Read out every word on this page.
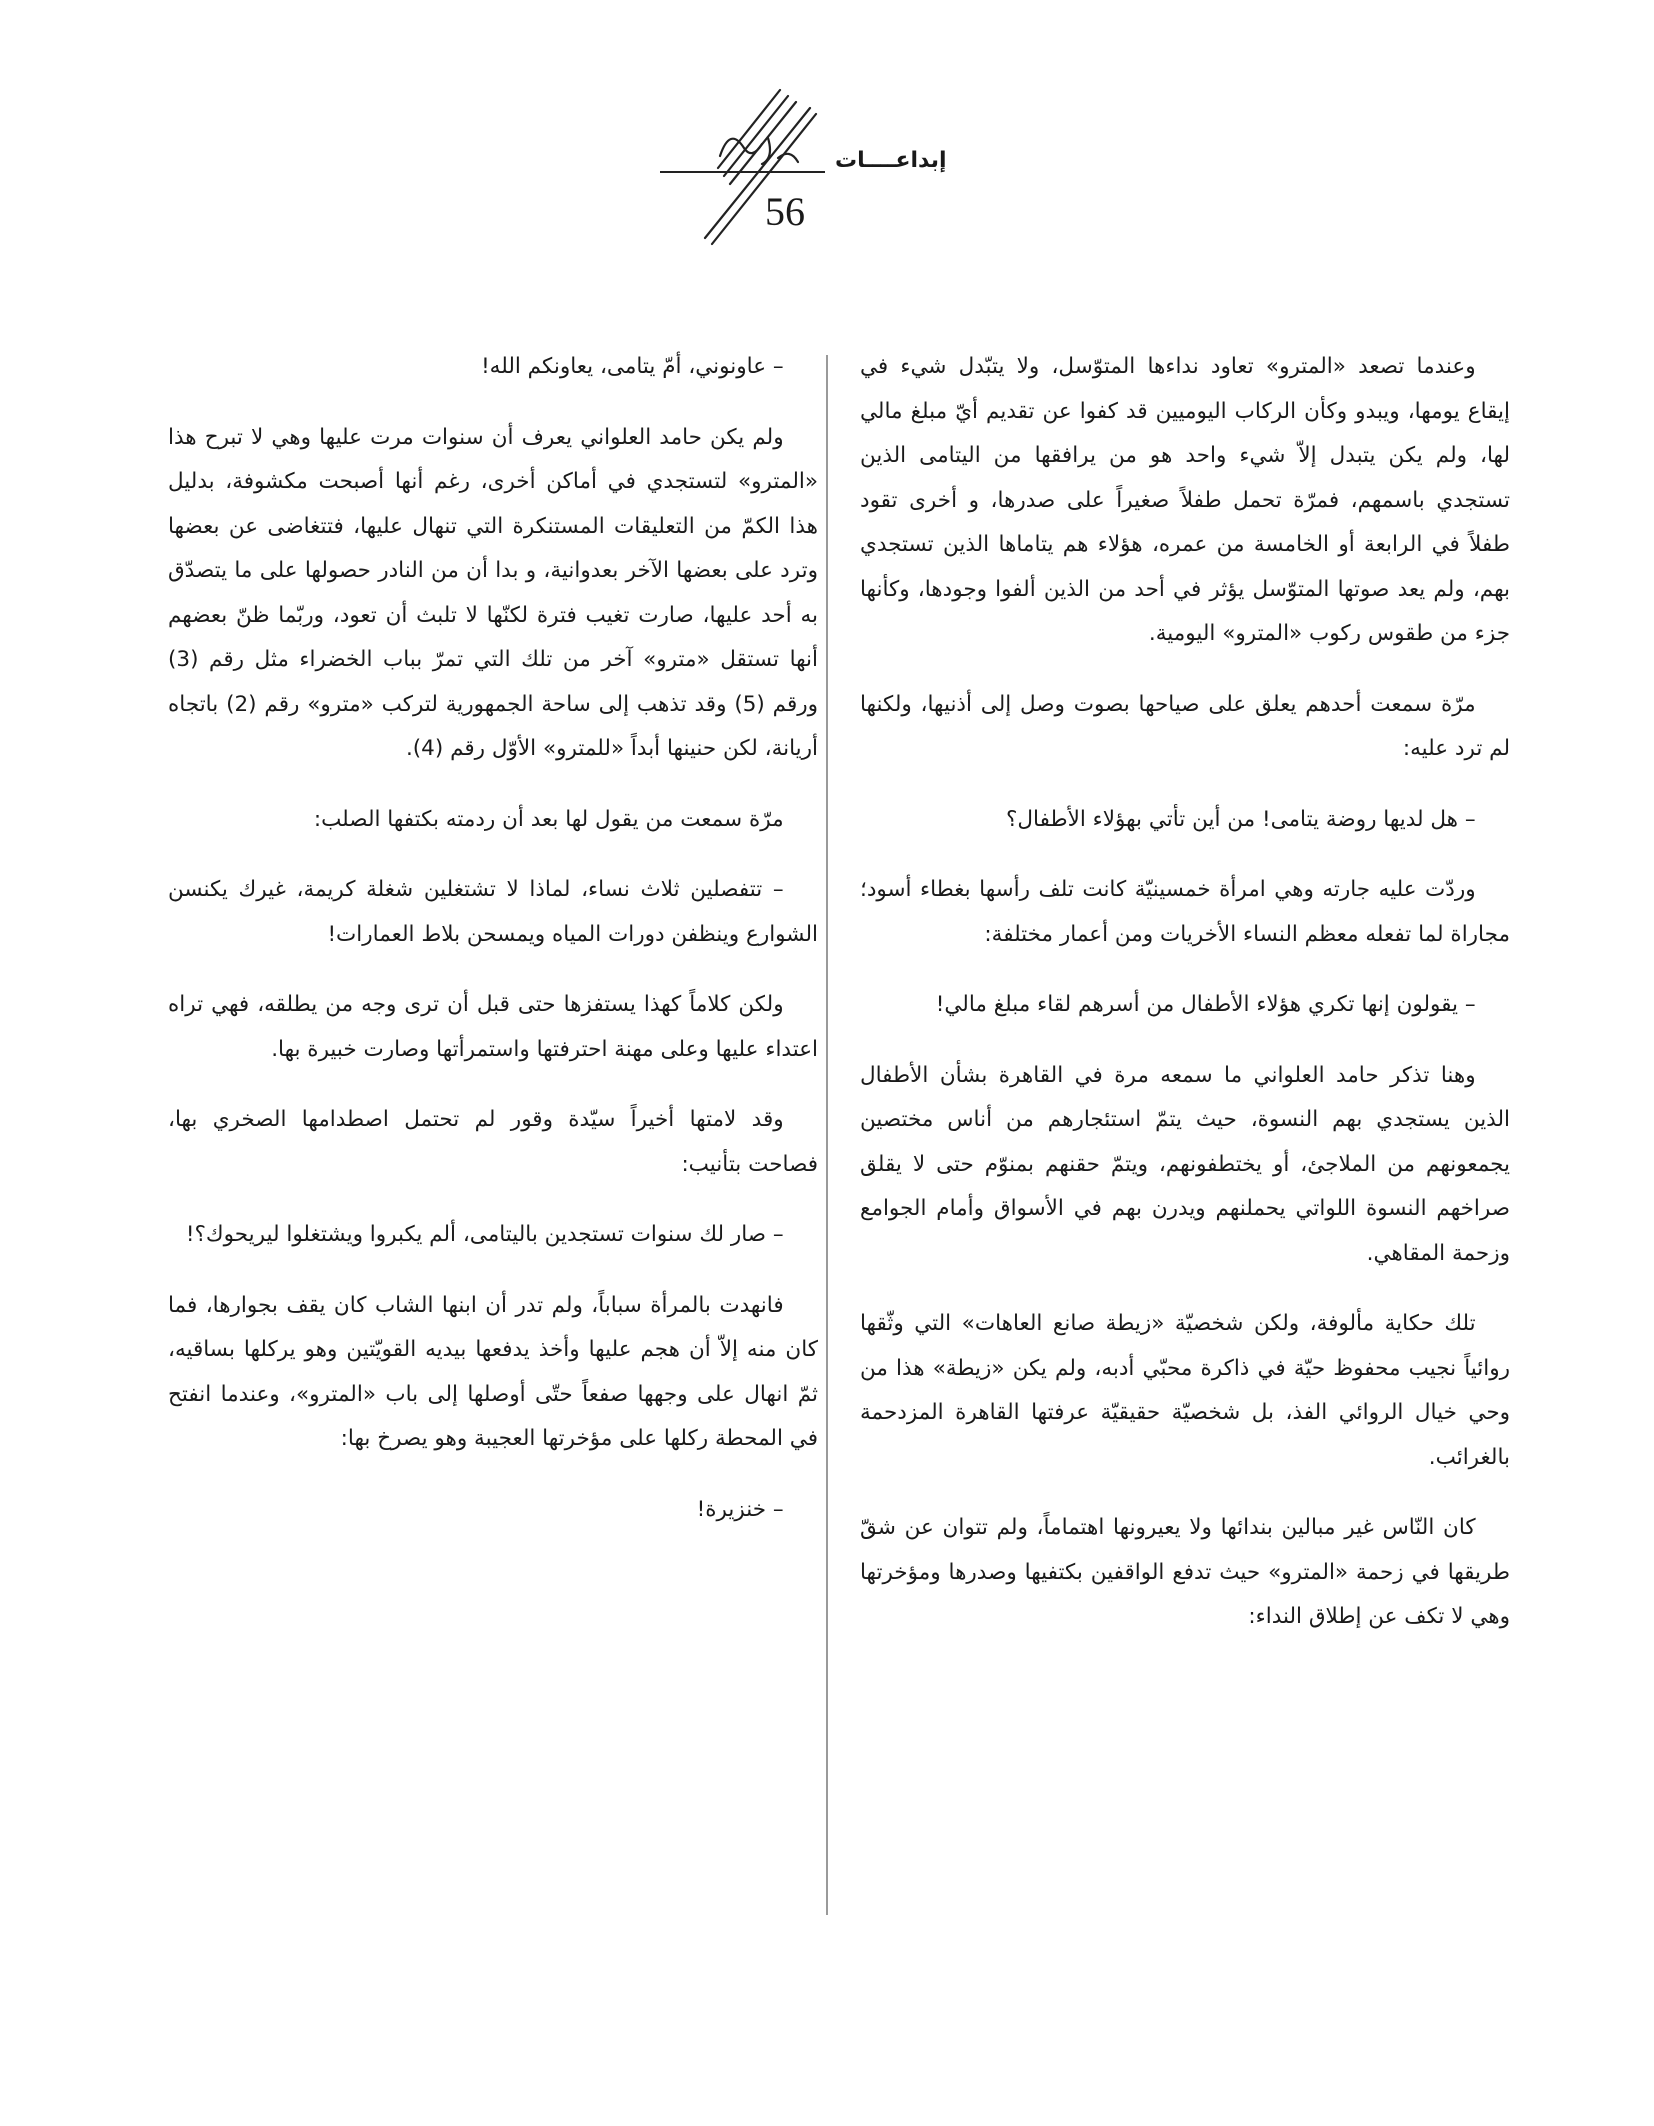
إبداعــــات
56

وعندما تصعد «المترو» تعاود نداءها المتوّسل، ولا يتبّدل شيء في إيقاع يومها، ويبدو وكأن الركاب اليوميين قد كفوا عن تقديم أيّ مبلغ مالي لها، ولم يكن يتبدل إلاّ شيء واحد هو من يرافقها من اليتامى الذين تستجدي باسمهم، فمرّة تحمل طفلاً صغيراً على صدرها، و أخرى تقود طفلاً في الرابعة أو الخامسة من عمره، هؤلاء هم يتاماها الذين تستجدي بهم، ولم يعد صوتها المتوّسل يؤثر في أحد من الذين ألفوا وجودها، وكأنها جزء من طقوس ركوب «المترو» اليومية.

مرّة سمعت أحدهم يعلق على صياحها بصوت وصل إلى أذنيها، ولكنها لم ترد عليه:

– هل لديها روضة يتامى! من أين تأتي بهؤلاء الأطفال؟

وردّت عليه جارته وهي امرأة خمسينيّة كانت تلف رأسها بغطاء أسود؛ مجاراة لما تفعله معظم النساء الأخريات ومن أعمار مختلفة:

– يقولون إنها تكري هؤلاء الأطفال من أسرهم لقاء مبلغ مالي!

وهنا تذكر حامد العلواني ما سمعه مرة في القاهرة بشأن الأطفال الذين يستجدي بهم النسوة، حيث يتمّ استئجارهم من أناس مختصين يجمعونهم من الملاجئ، أو يختطفونهم، ويتمّ حقنهم بمنوّم حتى لا يقلق صراخهم النسوة اللواتي يحملنهم ويدرن بهم في الأسواق وأمام الجوامع وزحمة المقاهي.

تلك حكاية مألوفة، ولكن شخصيّة «زيطة صانع العاهات» التي وثّقها روائياً نجيب محفوظ حيّة في ذاكرة محبّي أدبه، ولم يكن «زيطة» هذا من وحي خيال الروائي الفذ، بل شخصيّة حقيقيّة عرفتها القاهرة المزدحمة بالغرائب.

كان النّاس غير مبالين بندائها ولا يعيرونها اهتماماً، ولم تتوان عن شقّ طريقها في زحمة «المترو» حيث تدفع الواقفين بكتفيها وصدرها ومؤخرتها وهي لا تكف عن إطلاق النداء:

– عاونوني، أمّ يتامى، يعاونكم الله!

ولم يكن حامد العلواني يعرف أن سنوات مرت عليها وهي لا تبرح هذا «المترو» لتستجدي في أماكن أخرى، رغم أنها أصبحت مكشوفة، بدليل هذا الكمّ من التعليقات المستنكرة التي تنهال عليها، فتتغاضى عن بعضها وترد على بعضها الآخر بعدوانية، و بدا أن من النادر حصولها على ما يتصدّق به أحد عليها، صارت تغيب فترة لكنّها لا تلبث أن تعود، وربّما ظنّ بعضهم أنها تستقل «مترو» آخر من تلك التي تمرّ بباب الخضراء مثل رقم (3) ورقم (5) وقد تذهب إلى ساحة الجمهورية لتركب «مترو» رقم (2) باتجاه أريانة، لكن حنينها أبداً «للمترو» الأوّل رقم (4).

مرّة سمعت من يقول لها بعد أن ردمته بكتفها الصلب:

– تتفصلين ثلاث نساء، لماذا لا تشتغلين شغلة كريمة، غيرك يكنسن الشوارع وينظفن دورات المياه ويمسحن بلاط العمارات!

ولكن كلاماً كهذا يستفزها حتى قبل أن ترى وجه من يطلقه، فهي تراه اعتداء عليها وعلى مهنة احترفتها واستمرأتها وصارت خبيرة بها.

وقد لامتها أخيراً سيّدة وقور لم تحتمل اصطدامها الصخري بها، فصاحت بتأنيب:

– صار لك سنوات تستجدين باليتامى، ألم يكبروا ويشتغلوا ليريحوك؟!

فانهدت بالمرأة سباباً، ولم تدر أن ابنها الشاب كان يقف بجوارها، فما كان منه إلاّ أن هجم عليها وأخذ يدفعها بيديه القويّتين وهو يركلها بساقيه، ثمّ انهال على وجهها صفعاً حتّى أوصلها إلى باب «المترو»، وعندما انفتح في المحطة ركلها على مؤخرتها العجيبة وهو يصرخ بها:

– خنزيرة!
